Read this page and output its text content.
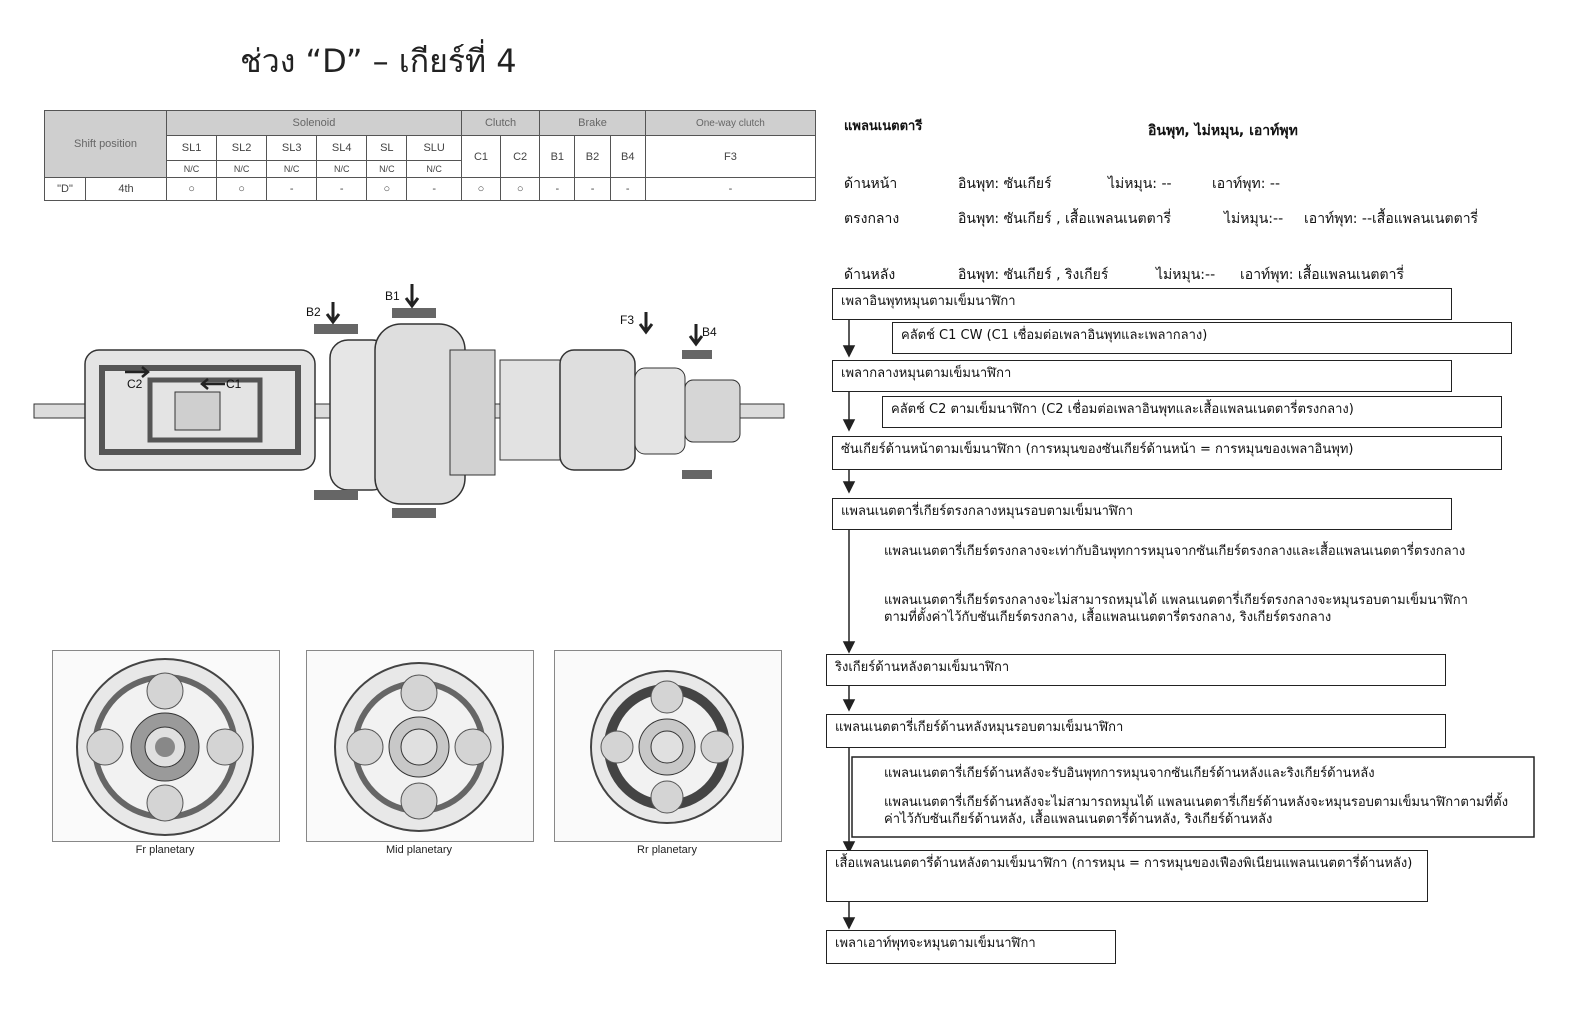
ช่วง “D” – เกียร์ที่ 4
Shift position		Solenoid						Clutch		Brake			One-way clutch
		SL1	SL2	SL3	SL4	SL	SLU	C1	C2	B1	B2	B4	F3
		N/C	N/C	N/C	N/C	N/C	N/C						
"D"	4th	○	○	-	-	○	-	○	○	-	-	-	-
แพลนเนตตารี	อินพุท, ไม่หมุน, เอาท์พุท
ด้านหน้า	อินพุท: ซันเกียร์	ไม่หมุน: --	เอาท์พุท: --
ตรงกลาง	อินพุท: ซันเกียร์ , เสื้อแพลนเนตตารี่	ไม่หมุน:-- เอาท์พุท: --เสื้อแพลนเนตตารี่
ด้านหลัง	อินพุท: ซันเกียร์ , ริงเกียร์	ไม่หมุน:-- เอาท์พุท: เสื้อแพลนเนตตารี่
B2
B1
F3
B4
C2	C1
Fr planetary	Mid planetary	Rr planetary
เพลาอินพุทหมุนตามเข็มนาฬิกา
คลัตช์ C1 CW (C1 เชื่อมต่อเพลาอินพุทและเพลากลาง)
เพลากลางหมุนตามเข็มนาฬิกา
คลัตช์ C2 ตามเข็มนาฬิกา (C2 เชื่อมต่อเพลาอินพุทและเสื้อแพลนเนตตารี่ตรงกลาง)
ซันเกียร์ด้านหน้าตามเข็มนาฬิกา (การหมุนของซันเกียร์ด้านหน้า = การหมุนของเพลาอินพุท)
แพลนเนตตารี่เกียร์ตรงกลางหมุนรอบตามเข็มนาฬิกา
แพลนเนตตารี่เกียร์ตรงกลางจะเท่ากับอินพุทการหมุนจากซันเกียร์ตรงกลางและเสื้อแพลนเนตตารี่ตรงกลาง
แพลนเนตตารี่เกียร์ตรงกลางจะไม่สามารถหมุนได้ แพลนเนตตารี่เกียร์ตรงกลางจะหมุนรอบตามเข็มนาฬิกาตามที่ตั้งค่าไว้กับซันเกียร์ตรงกลาง, เสื้อแพลนเนตตารี่ตรงกลาง, ริงเกียร์ตรงกลาง
ริงเกียร์ด้านหลังตามเข็มนาฬิกา
แพลนเนตตารี่เกียร์ด้านหลังหมุนรอบตามเข็มนาฬิกา
แพลนเนตตารี่เกียร์ด้านหลังจะรับอินพุทการหมุนจากซันเกียร์ด้านหลังและริงเกียร์ด้านหลัง
แพลนเนตตารี่เกียร์ด้านหลังจะไม่สามารถหมุนได้ แพลนเนตตารี่เกียร์ด้านหลังจะหมุนรอบตามเข็มนาฬิกาตามที่ตั้งค่าไว้กับซันเกียร์ด้านหลัง, เสื้อแพลนเนตตารี่ด้านหลัง, ริงเกียร์ด้านหลัง
เสื้อแพลนเนตตารี่ด้านหลังตามเข็มนาฬิกา (การหมุน = การหมุนของเฟืองพิเนียนแพลนเนตตารี่ด้านหลัง)
เพลาเอาท์พุทจะหมุนตามเข็มนาฬิกา
